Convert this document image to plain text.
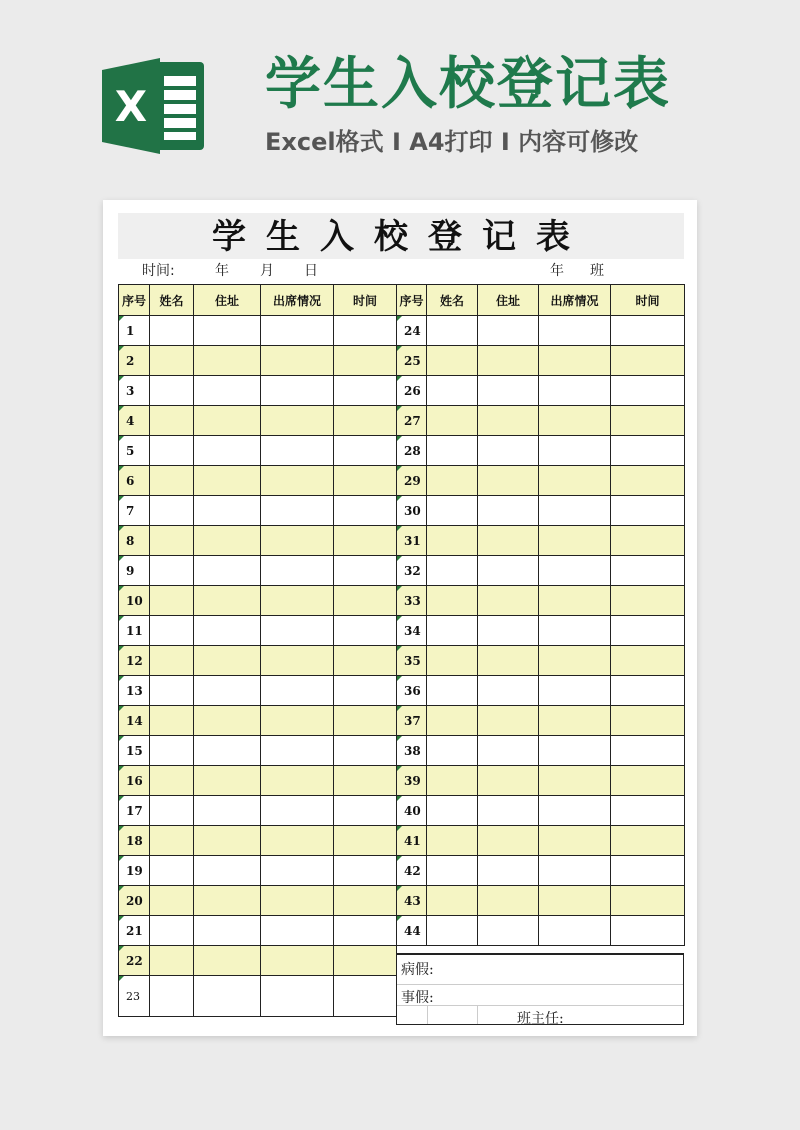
X 学生入校登记表
Excel格式 I A4打印 I 内容可修改
学生入校登记表
时间:	年 月 日	年 班
序号	姓名	住址	出席情况	时间
1				
2				
3				
4				
5				
6				
7				
8				
9				
10				
11				
12				
13				
14				
15				
16				
17				
18				
19				
20				
21				
22				
23				
序号	姓名	住址	出席情况	时间
24				
25				
26				
27				
28				
29				
30				
31				
32				
33				
34				
35				
36				
37				
38				
39				
40				
41				
42				
43				
44				
病假:
事假:
班主任:
